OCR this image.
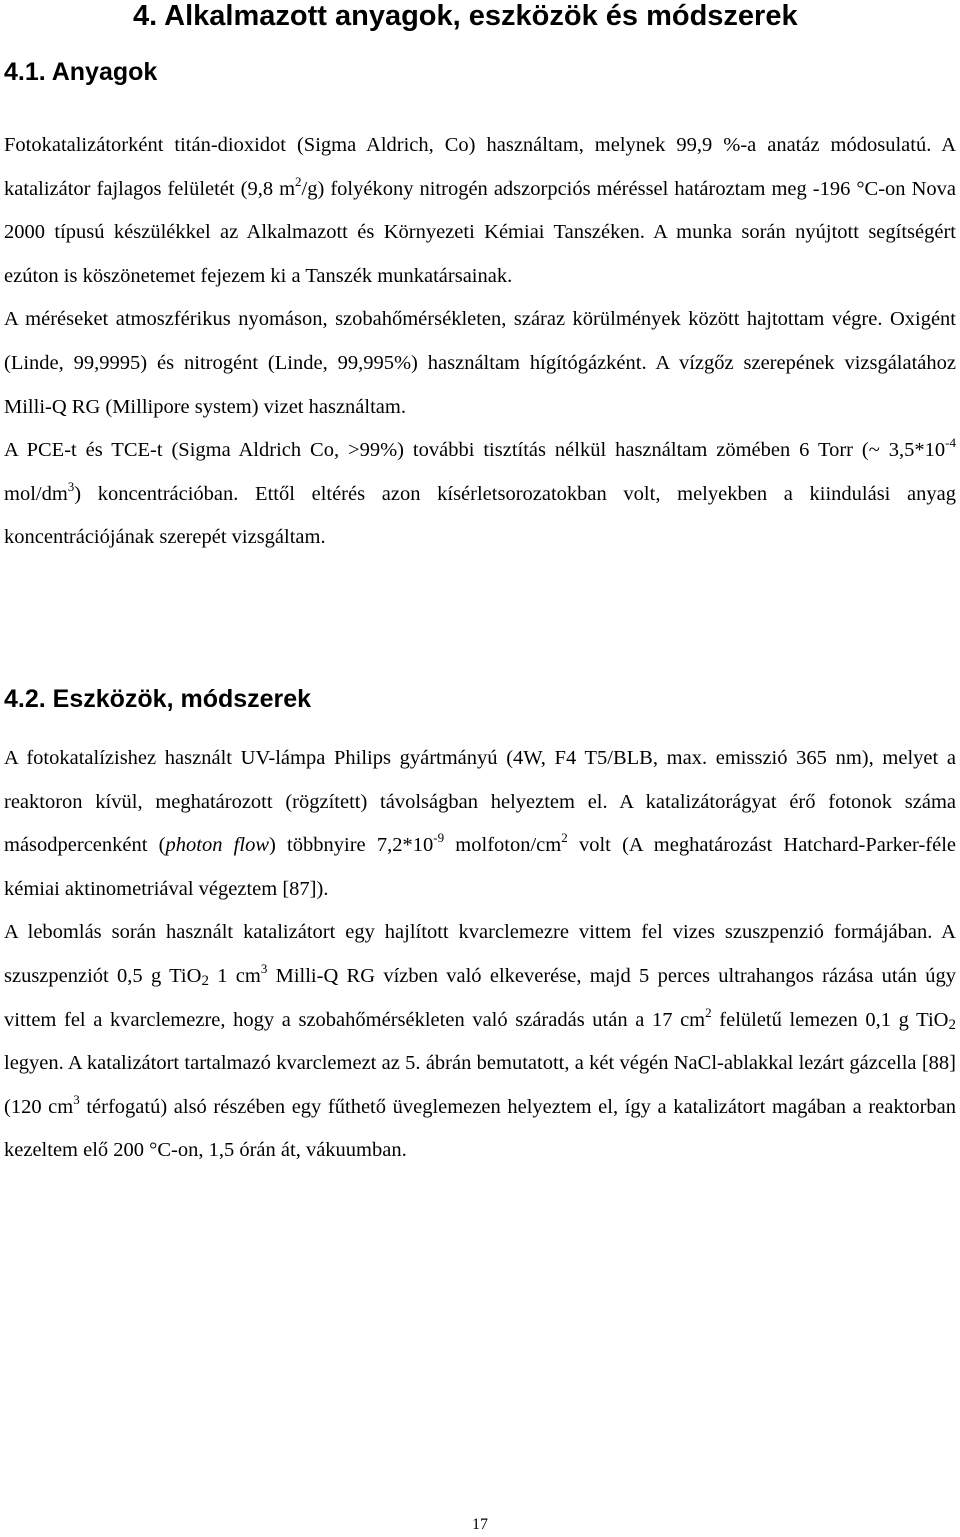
4. Alkalmazott anyagok, eszközök és módszerek
4.1. Anyagok

Fotokatalizátorként titán-dioxidot (Sigma Aldrich, Co) használtam, melynek 99,9 %-a anatáz módosulatú. A katalizátor fajlagos felületét (9,8 $m^2/g$) folyékony nitrogén adszorpciós méréssel határoztam meg -196 °C-on Nova 2000 típusú készülékkel az Alkalmazott és Környezeti Kémiai Tanszéken. A munka során nyújtott segítségért ezúton is köszönetemet fejezem ki a Tanszék munkatársainak.

A méréseket atmoszférikus nyomáson, szobahőmérsékleten, száraz körülmények között hajtottam végre. Oxigént (Linde, 99,9995) és nitrogént (Linde, 99,995%) használtam hígítógázként. A vízgőz szerepének vizsgálatához Milli-Q RG (Millipore system) vizet használtam.

A PCE-t és TCE-t (Sigma Aldrich Co, >99%) további tisztítás nélkül használtam zömében 6 Torr (~ $3,5*10^{-4}$ mol/$dm^3$) koncentrációban. Ettől eltérés azon kísérletsorozatokban volt, melyekben a kiindulási anyag koncentrációjának szerepét vizsgáltam.

4.2. Eszközök, módszerek

A fotokatalízishez használt UV-lámpa Philips gyártmányú (4W, F4 T5/BLB, max. emisszió 365 nm), melyet a reaktoron kívül, meghatározott (rögzített) távolságban helyeztem el. A katalizátorágyat érő fotonok száma másodpercenként (photon flow) többnyire $7,2*10^{-9}$ molfoton/$cm^2$ volt (A meghatározást Hatchard-Parker-féle kémiai aktinometriával végeztem [87]).

A lebomlás során használt katalizátort egy hajlított kvarclemezre vittem fel vizes szuszpenzió formájában. A szuszpenziót 0,5 g TiO$_2$ 1 $cm^3$ Milli-Q RG vízben való elkeverése, majd 5 perces ultrahangos rázása után úgy vittem fel a kvarclemezre, hogy a szobahőmérsékleten való száradás után a 17 $cm^2$ felületű lemezen 0,1 g TiO$_2$ legyen. A katalizátort tartalmazó kvarclemezt az 5. ábrán bemutatott, a két végén NaCl-ablakkal lezárt gázcella [88] (120 $cm^3$ térfogatú) alsó részében egy fűthető üveglemezen helyeztem el, így a katalizátort magában a reaktorban kezeltem elő 200 °C-on, 1,5 órán át, vákuumban.

17
